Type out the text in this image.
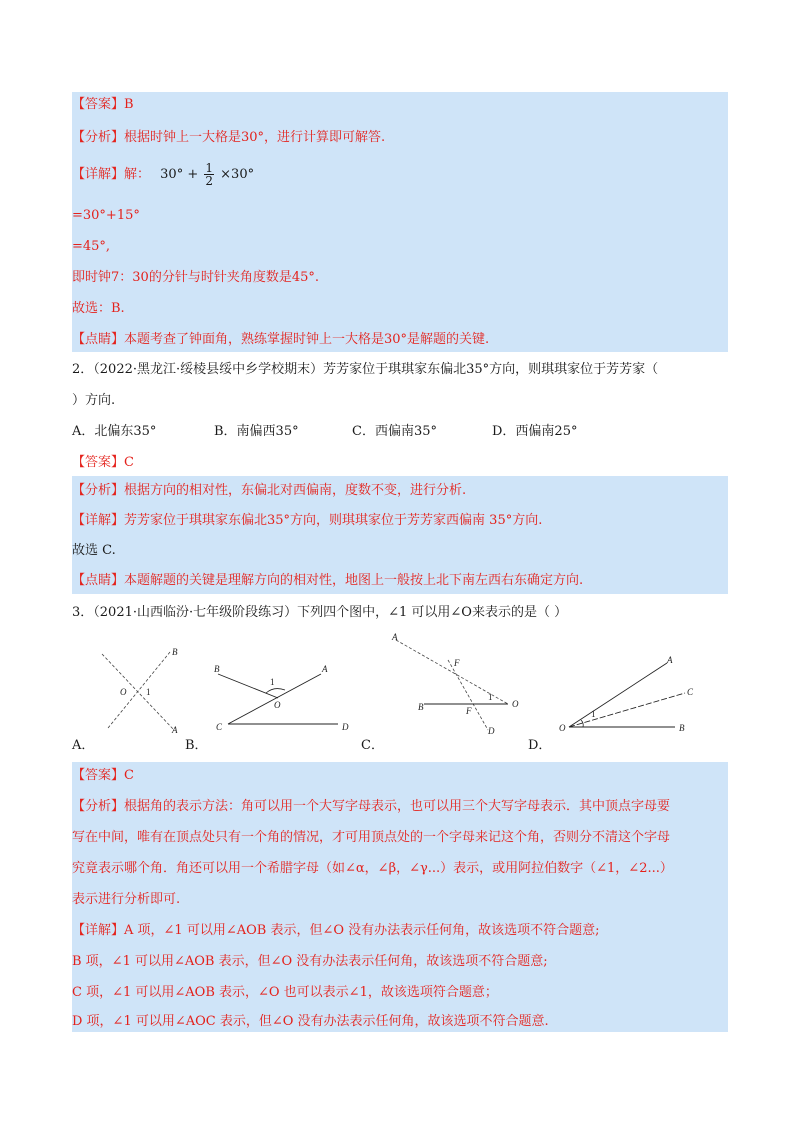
【答案】B
【分析】根据时钟上一大格是30°，进行计算即可解答.
【详解】解： $30^\circ + \frac{1}{2} \times 30^\circ$
=30°+15°
=45°,
即时钟7：30的分针与时针夹角度数是45°.
故选：B.
【点睛】本题考查了钟面角，熟练掌握时钟上一大格是30°是解题的关键.
2．（2022·黑龙江·绥棱县绥中乡学校期末）芳芳家位于琪琪家东偏北35°方向，则琪琪家位于芳芳家（
）方向.
A．北偏东35°	B．南偏西35°	C．西偏南35°	D．西偏南25°
【答案】C
【分析】根据方向的相对性，东偏北对西偏南，度数不变，进行分析.
【详解】芳芳家位于琪琪家东偏北35°方向，则琪琪家位于芳芳家西偏南 35°方向.
故选 C.
【点睛】本题解题的关键是理解方向的相对性，地图上一般按上北下南左西右东确定方向.
3．（2021·山西临汾·七年级阶段练习）下列四个图中，∠1 可以用∠O来表示的是（ ）
B
O 1
A
A．
B
1
A
O
C	D
B．
A
F
1
B	F
O
D
C．
A
C
1
O	B
D．
【答案】C
【分析】根据角的表示方法：角可以用一个大写字母表示，也可以用三个大写字母表示．其中顶点字母要
写在中间，唯有在顶点处只有一个角的情况，才可用顶点处的一个字母来记这个角，否则分不清这个字母
究竟表示哪个角．角还可以用一个希腊字母（如∠α，∠β，∠γ...）表示，或用阿拉伯数字（∠1，∠2...）
表示进行分析即可.
【详解】A 项，∠1 可以用∠AOB 表示，但∠O 没有办法表示任何角，故该选项不符合题意;
B 项，∠1 可以用∠AOB 表示，但∠O 没有办法表示任何角，故该选项不符合题意;
C 项，∠1 可以用∠AOB 表示，∠O 也可以表示∠1，故该选项符合题意；
D 项，∠1 可以用∠AOC 表示，但∠O 没有办法表示任何角，故该选项不符合题意.
